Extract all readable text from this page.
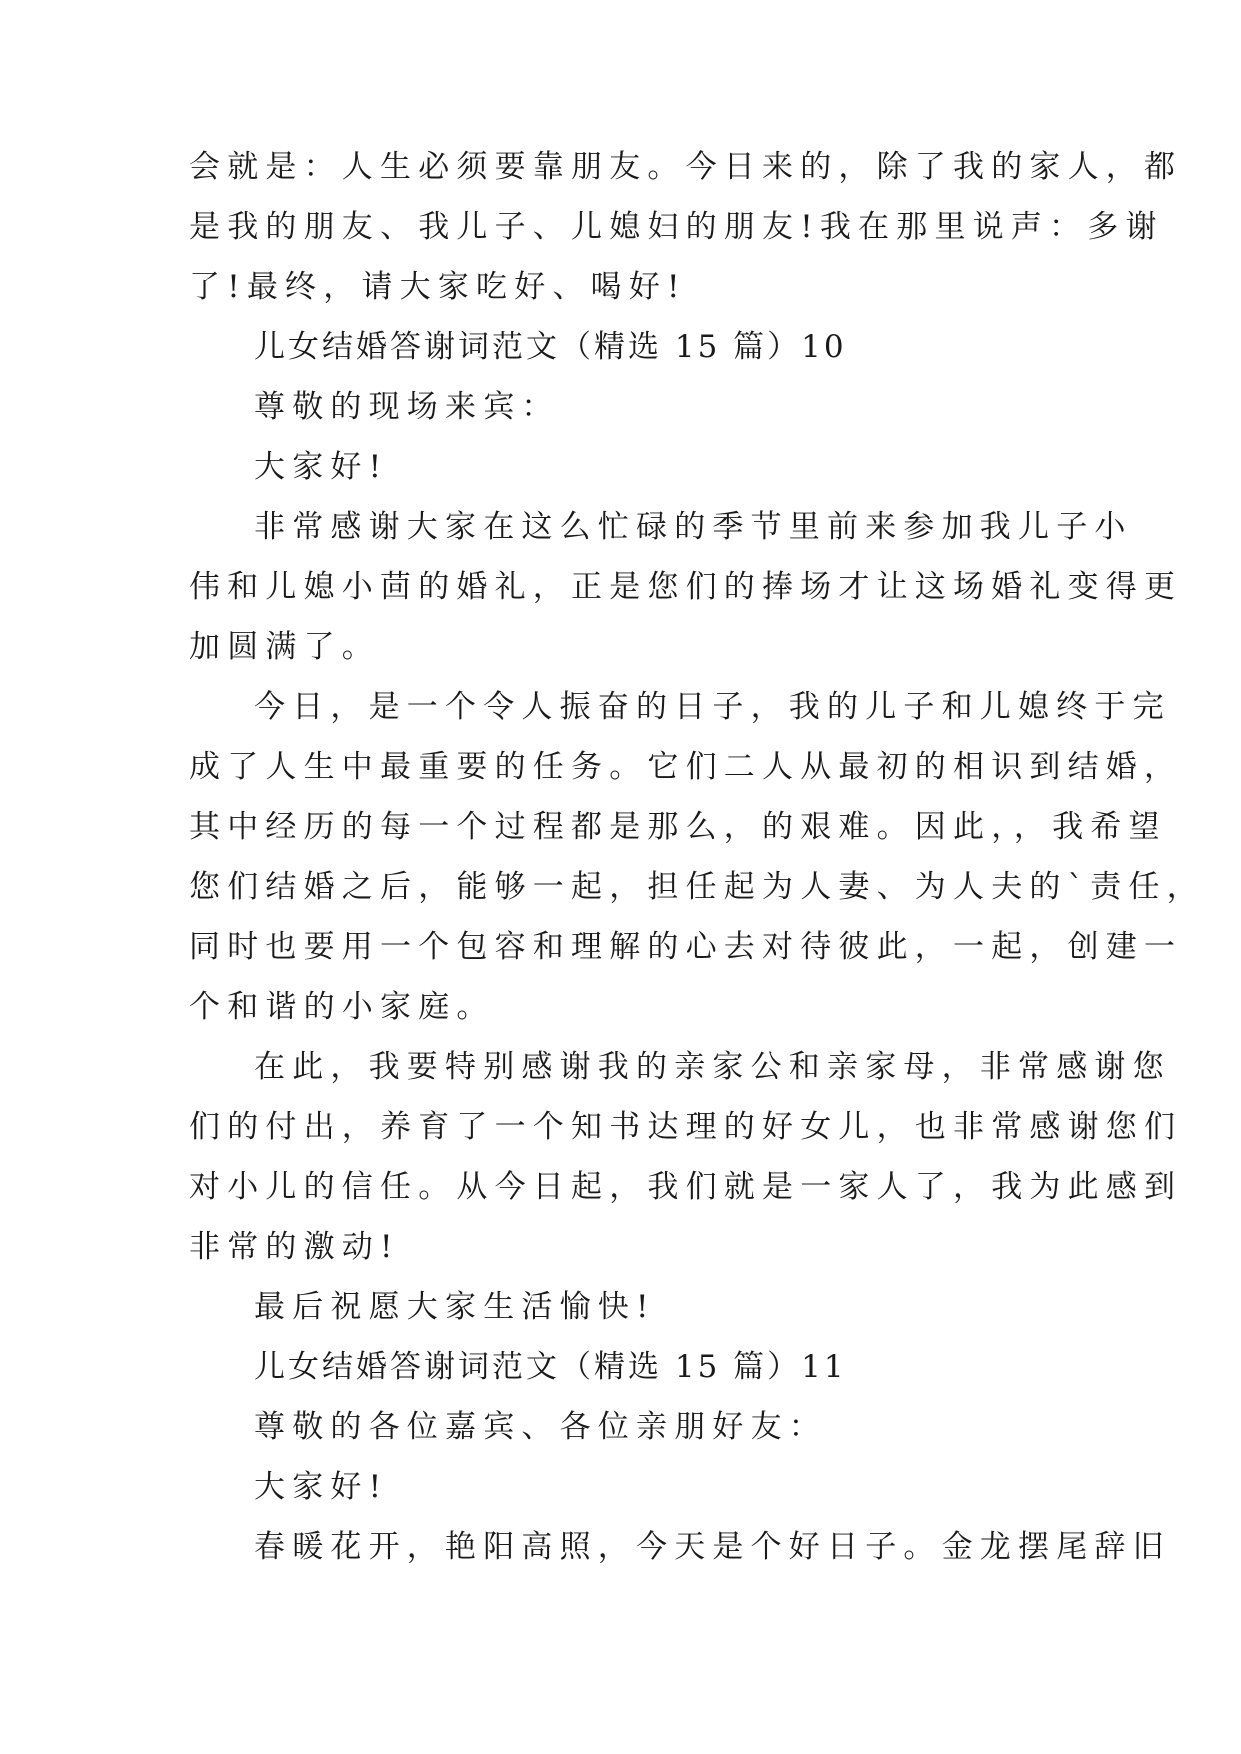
会就是：人生必须要靠朋友。今日来的，除了我的家人，都
是我的朋友、我儿子、儿媳妇的朋友!我在那里说声：多谢
了!最终，请大家吃好、喝好!
儿女结婚答谢词范文（精选 15 篇）10
尊敬的现场来宾：
大家好!
非常感谢大家在这么忙碌的季节里前来参加我儿子小
伟和儿媳小茴的婚礼，正是您们的捧场才让这场婚礼变得更
加圆满了。
今日，是一个令人振奋的日子，我的儿子和儿媳终于完
成了人生中最重要的任务。它们二人从最初的相识到结婚，
其中经历的每一个过程都是那么，的艰难。因此，，我希望
您们结婚之后，能够一起，担任起为人妻、为人夫的`责任，
同时也要用一个包容和理解的心去对待彼此，一起，创建一
个和谐的小家庭。
在此，我要特别感谢我的亲家公和亲家母，非常感谢您
们的付出，养育了一个知书达理的好女儿，也非常感谢您们
对小儿的信任。从今日起，我们就是一家人了，我为此感到
非常的激动!
最后祝愿大家生活愉快!
儿女结婚答谢词范文（精选 15 篇）11
尊敬的各位嘉宾、各位亲朋好友：
大家好!
春暖花开，艳阳高照，今天是个好日子。金龙摆尾辞旧
